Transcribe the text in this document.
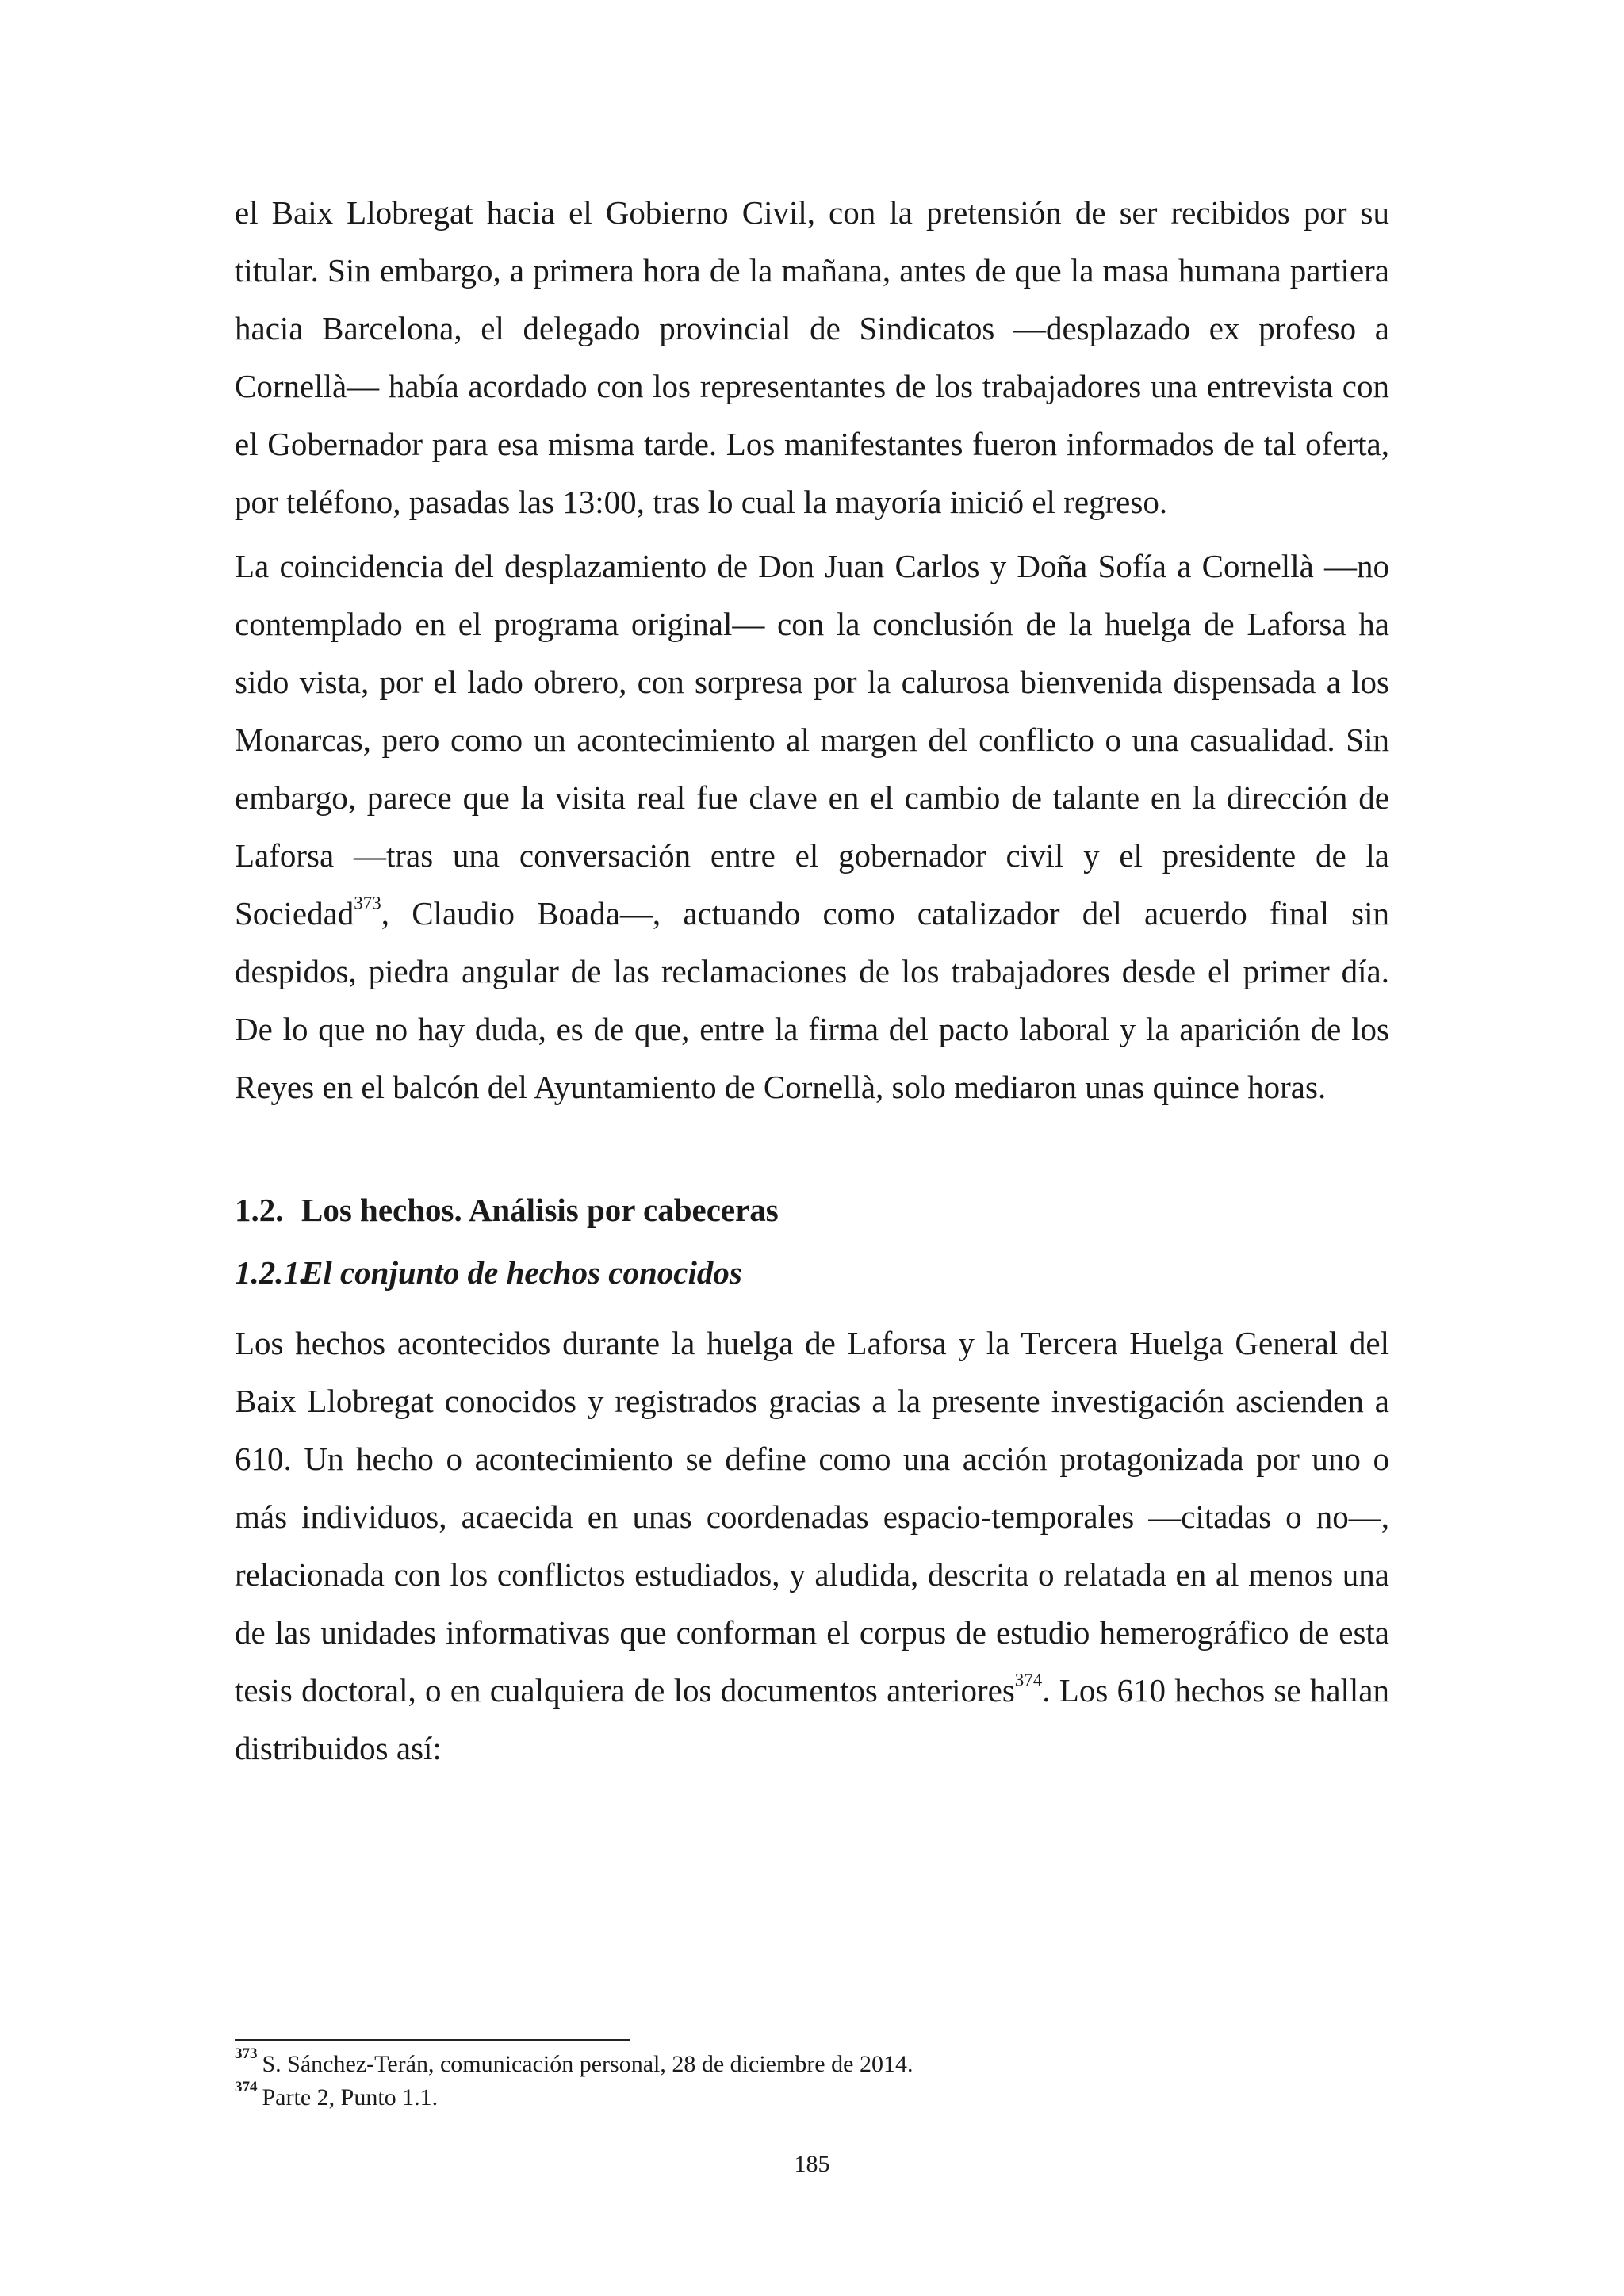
el Baix Llobregat hacia el Gobierno Civil, con la pretensión de ser recibidos por su titular. Sin embargo, a primera hora de la mañana, antes de que la masa humana partiera hacia Barcelona, el delegado provincial de Sindicatos —desplazado ex profeso a Cornellà— había acordado con los representantes de los trabajadores una entrevista con el Gobernador para esa misma tarde. Los manifestantes fueron informados de tal oferta, por teléfono, pasadas las 13:00, tras lo cual la mayoría inició el regreso.

La coincidencia del desplazamiento de Don Juan Carlos y Doña Sofía a Cornellà —no contemplado en el programa original— con la conclusión de la huelga de Laforsa ha sido vista, por el lado obrero, con sorpresa por la calurosa bienvenida dispensada a los Monarcas, pero como un acontecimiento al margen del conflicto o una casualidad. Sin embargo, parece que la visita real fue clave en el cambio de talante en la dirección de Laforsa —tras una conversación entre el gobernador civil y el presidente de la Sociedad$^{373}$, Claudio Boada—, actuando como catalizador del acuerdo final sin despidos, piedra angular de las reclamaciones de los trabajadores desde el primer día. De lo que no hay duda, es de que, entre la firma del pacto laboral y la aparición de los Reyes en el balcón del Ayuntamiento de Cornellà, solo mediaron unas quince horas.

1.2. Los hechos. Análisis por cabeceras
1.2.1.El conjunto de hechos conocidos

Los hechos acontecidos durante la huelga de Laforsa y la Tercera Huelga General del Baix Llobregat conocidos y registrados gracias a la presente investigación ascienden a 610. Un hecho o acontecimiento se define como una acción protagonizada por uno o más individuos, acaecida en unas coordenadas espacio-temporales —citadas o no—, relacionada con los conflictos estudiados, y aludida, descrita o relatada en al menos una de las unidades informativas que conforman el corpus de estudio hemerográfico de esta tesis doctoral, o en cualquiera de los documentos anteriores$^{374}$. Los 610 hechos se hallan distribuidos así:

$^{373}$ S. Sánchez-Terán, comunicación personal, 28 de diciembre de 2014.
$^{374}$ Parte 2, Punto 1.1.
185
